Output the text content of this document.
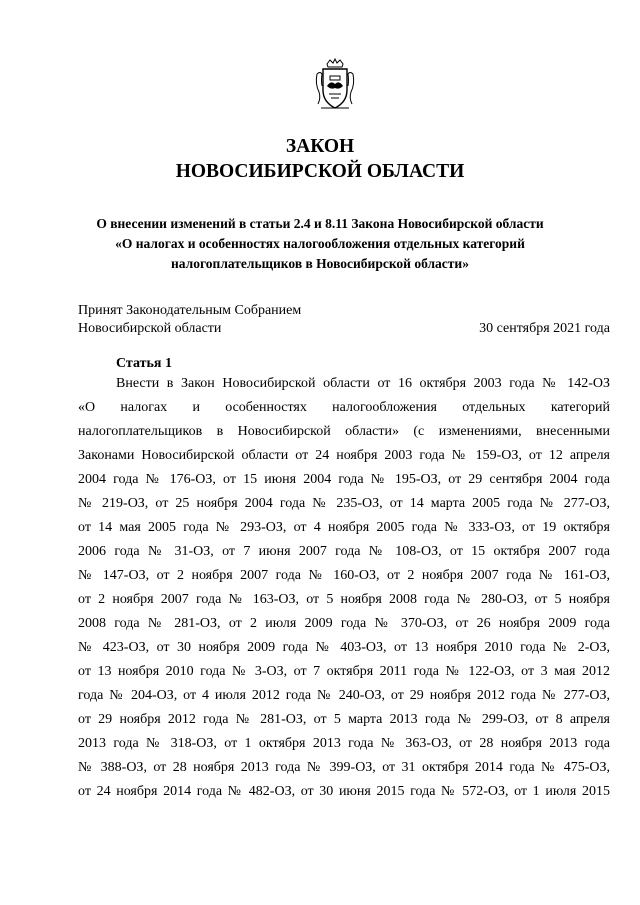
ЗАКОН
НОВОСИБИРСКОЙ ОБЛАСТИ
О внесении изменений в статьи 2.4 и 8.11 Закона Новосибирской области
«О налогах и особенностях налогообложения отдельных категорий
налогоплательщиков в Новосибирской области»
Принят Законодательным Собранием
Новосибирской области	30 сентября 2021 года
Статья 1
Внести в Закон Новосибирской области от 16 октября 2003 года № 142-ОЗ
«О налогах и особенностях налогообложения отдельных категорий
налогоплательщиков в Новосибирской области» (с изменениями, внесенными
Законами Новосибирской области от 24 ноября 2003 года № 159-ОЗ, от 12 апреля
2004 года № 176-ОЗ, от 15 июня 2004 года № 195-ОЗ, от 29 сентября 2004 года
№ 219-ОЗ, от 25 ноября 2004 года № 235-ОЗ, от 14 марта 2005 года № 277-ОЗ,
от 14 мая 2005 года № 293-ОЗ, от 4 ноября 2005 года № 333-ОЗ, от 19 октября
2006 года № 31-ОЗ, от 7 июня 2007 года № 108-ОЗ, от 15 октября 2007 года
№ 147-ОЗ, от 2 ноября 2007 года № 160-ОЗ, от 2 ноября 2007 года № 161-ОЗ,
от 2 ноября 2007 года № 163-ОЗ, от 5 ноября 2008 года № 280-ОЗ, от 5 ноября
2008 года № 281-ОЗ, от 2 июля 2009 года № 370-ОЗ, от 26 ноября 2009 года
№ 423-ОЗ, от 30 ноября 2009 года № 403-ОЗ, от 13 ноября 2010 года № 2-ОЗ,
от 13 ноября 2010 года № 3-ОЗ, от 7 октября 2011 года № 122-ОЗ, от 3 мая 2012
года № 204-ОЗ, от 4 июля 2012 года № 240-ОЗ, от 29 ноября 2012 года № 277-ОЗ,
от 29 ноября 2012 года № 281-ОЗ, от 5 марта 2013 года № 299-ОЗ, от 8 апреля
2013 года № 318-ОЗ, от 1 октября 2013 года № 363-ОЗ, от 28 ноября 2013 года
№ 388-ОЗ, от 28 ноября 2013 года № 399-ОЗ, от 31 октября 2014 года № 475-ОЗ,
от 24 ноября 2014 года № 482-ОЗ, от 30 июня 2015 года № 572-ОЗ, от 1 июля 2015
